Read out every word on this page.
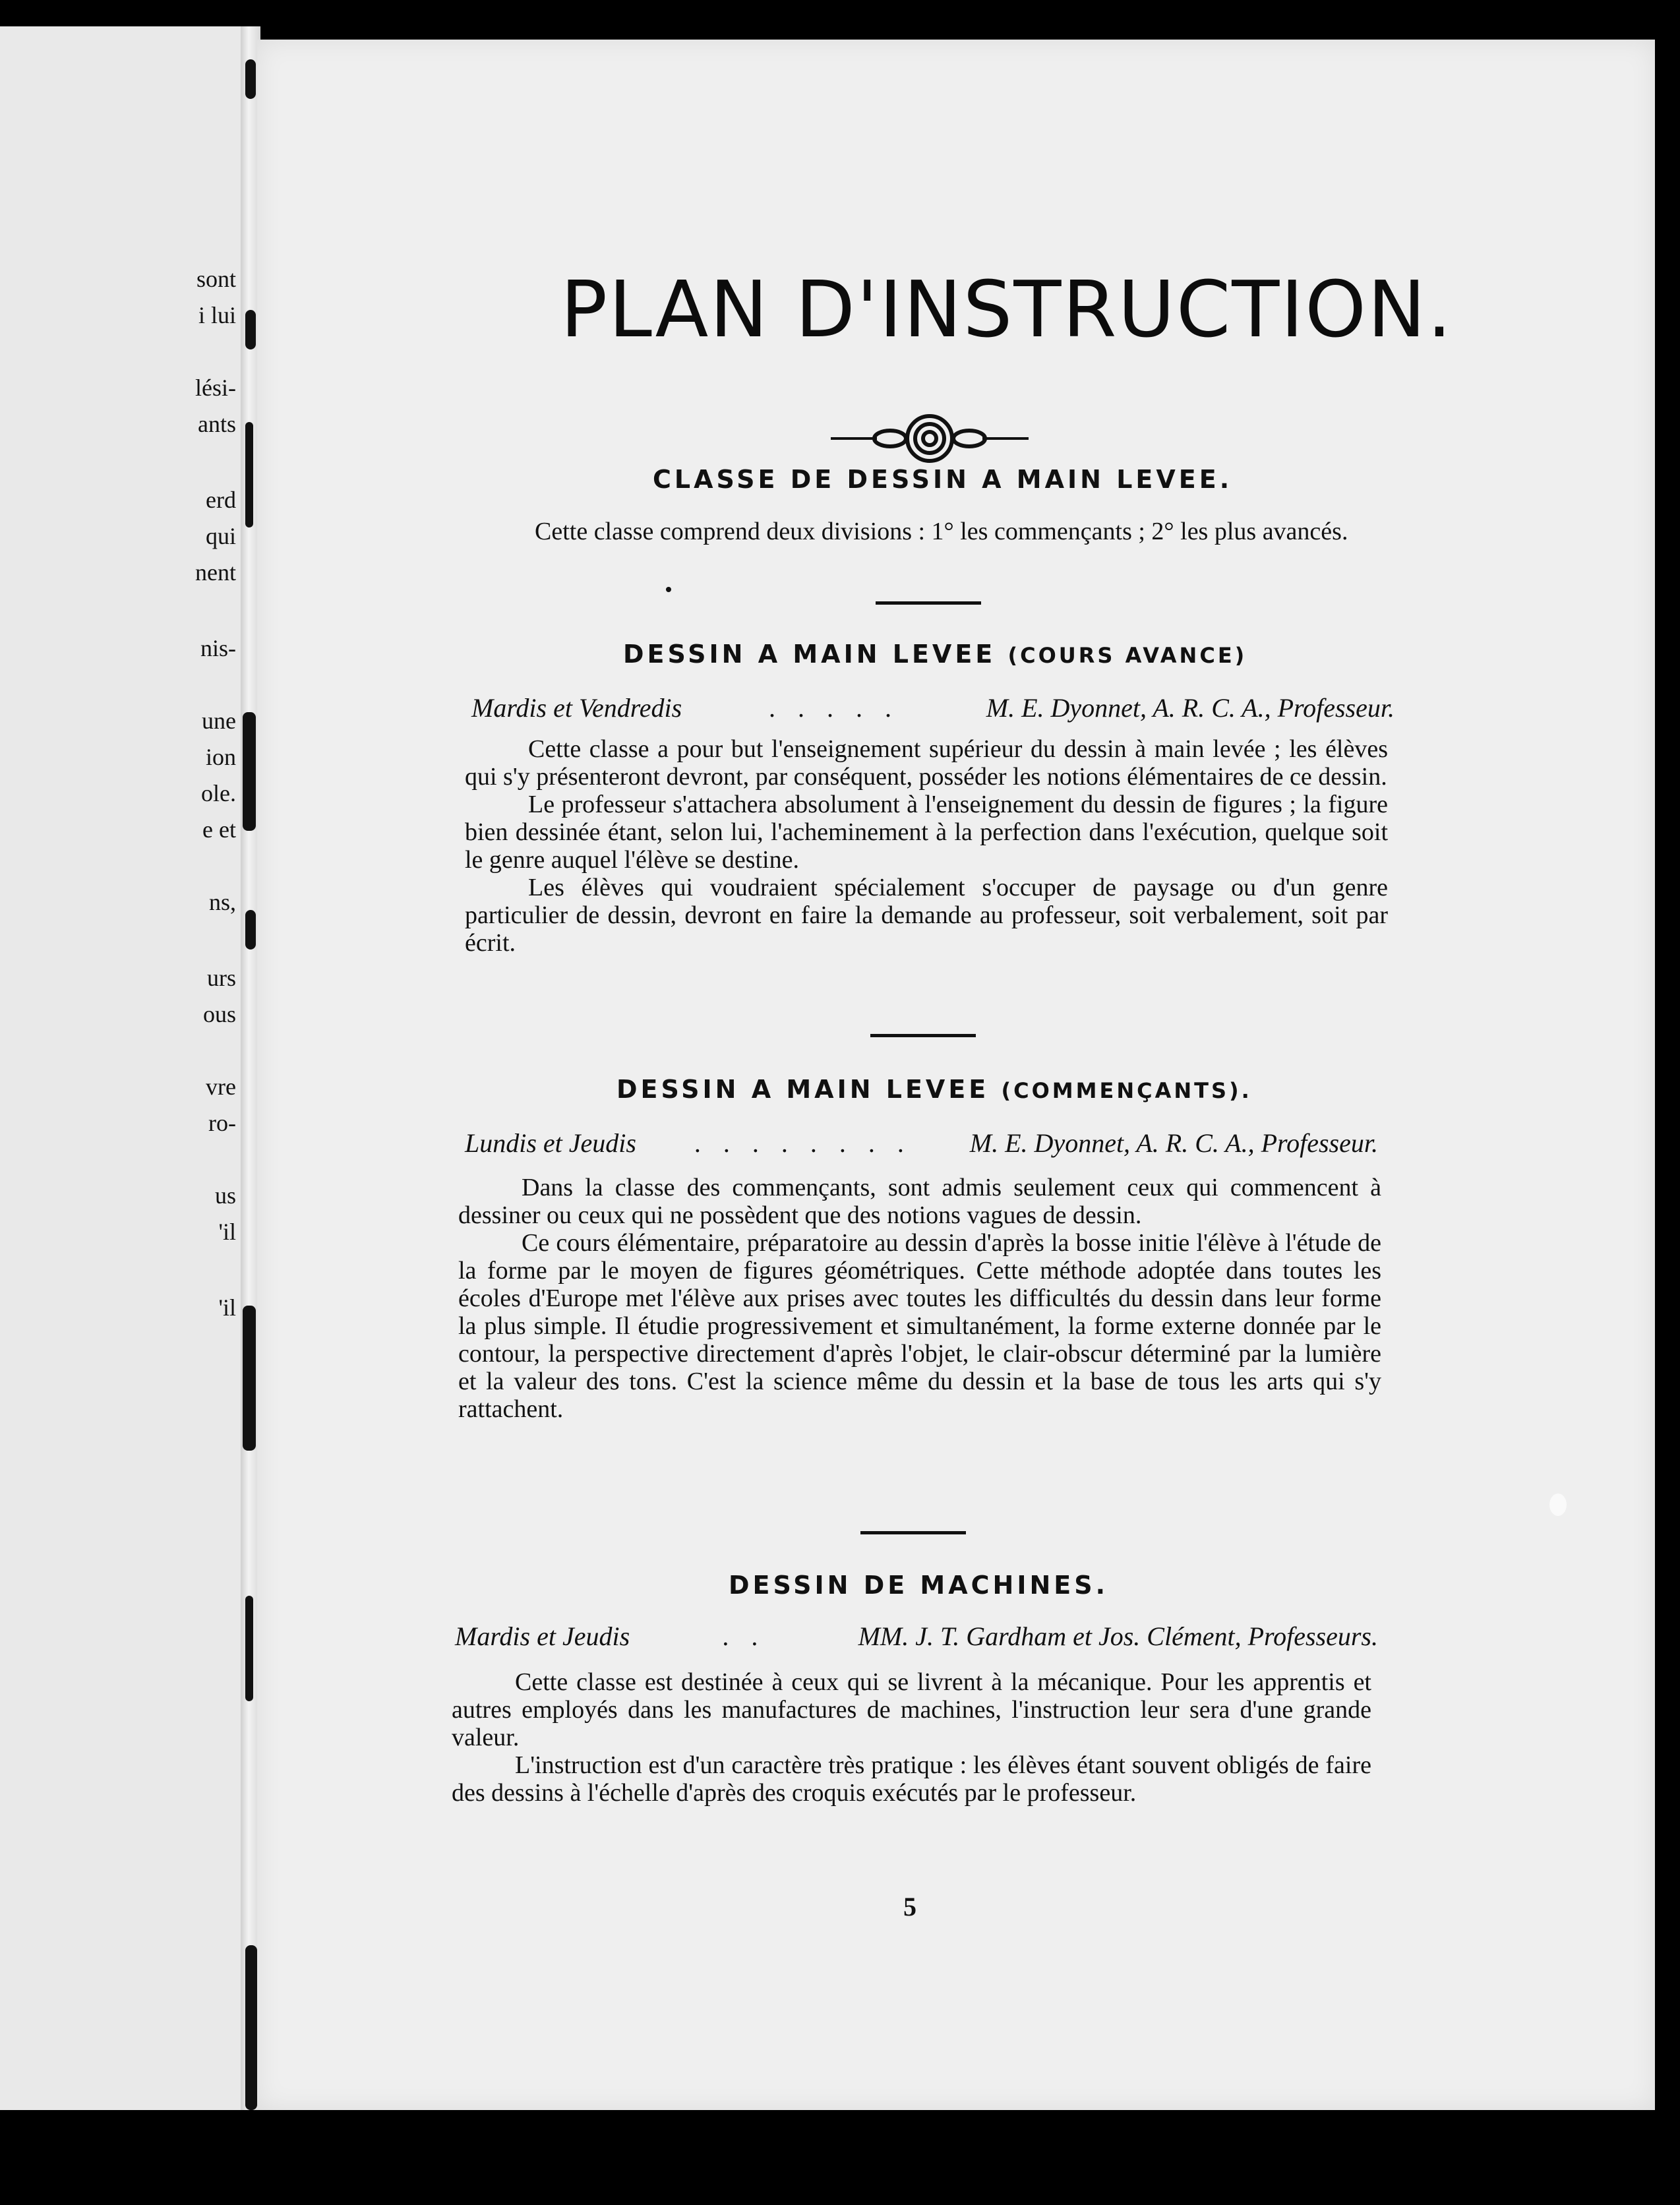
sont
i lui
lési-
ants
erd
qui
nent
nis-
une
ion
ole.
e et
ns,
urs
ous
vre
ro-
us
'il
'il
PLAN D'INSTRUCTION.
CLASSE DE DESSIN A MAIN LEVEE.

Cette classe comprend deux divisions : 1° les commençants ; 2° les plus avancés.

DESSIN A MAIN LEVEE (COURS AVANCE)
Mardis et Vendredis	. . . . .	M. E. Dyonnet, A. R. C. A., Professeur.

Cette classe a pour but l'enseignement supérieur du dessin à main levée ; les élèves qui s'y présenteront devront, par conséquent, posséder les notions élémentaires de ce dessin.

Le professeur s'attachera absolument à l'enseignement du dessin de figures ; la figure bien dessinée étant, selon lui, l'acheminement à la perfection dans l'exécution, quelque soit le genre auquel l'élève se destine.

Les élèves qui voudraient spécialement s'occuper de paysage ou d'un genre particulier de dessin, devront en faire la demande au professeur, soit verbalement, soit par écrit.

DESSIN A MAIN LEVEE (COMMENÇANTS).
Lundis et Jeudis . . . . . . . . M. E. Dyonnet, A. R. C. A., Professeur.

Dans la classe des commençants, sont admis seulement ceux qui commencent à dessiner ou ceux qui ne possèdent que des notions vagues de dessin.

Ce cours élémentaire, préparatoire au dessin d'après la bosse initie l'élève à l'étude de la forme par le moyen de figures géométriques. Cette méthode adoptée dans toutes les écoles d'Europe met l'élève aux prises avec toutes les difficultés du dessin dans leur forme la plus simple. Il étudie progressivement et simultanément, la forme externe donnée par le contour, la perspective directement d'après l'objet, le clair-obscur déterminé par la lumière et la valeur des tons. C'est la science même du dessin et la base de tous les arts qui s'y rattachent.

DESSIN DE MACHINES.
Mardis et Jeudis	. .	MM. J. T. Gardham et Jos. Clément, Professeurs.

Cette classe est destinée à ceux qui se livrent à la mécanique. Pour les apprentis et autres employés dans les manufactures de machines, l'instruction leur sera d'une grande valeur.

L'instruction est d'un caractère très pratique : les élèves étant souvent obligés de faire des dessins à l'échelle d'après des croquis exécutés par le professeur.

5
